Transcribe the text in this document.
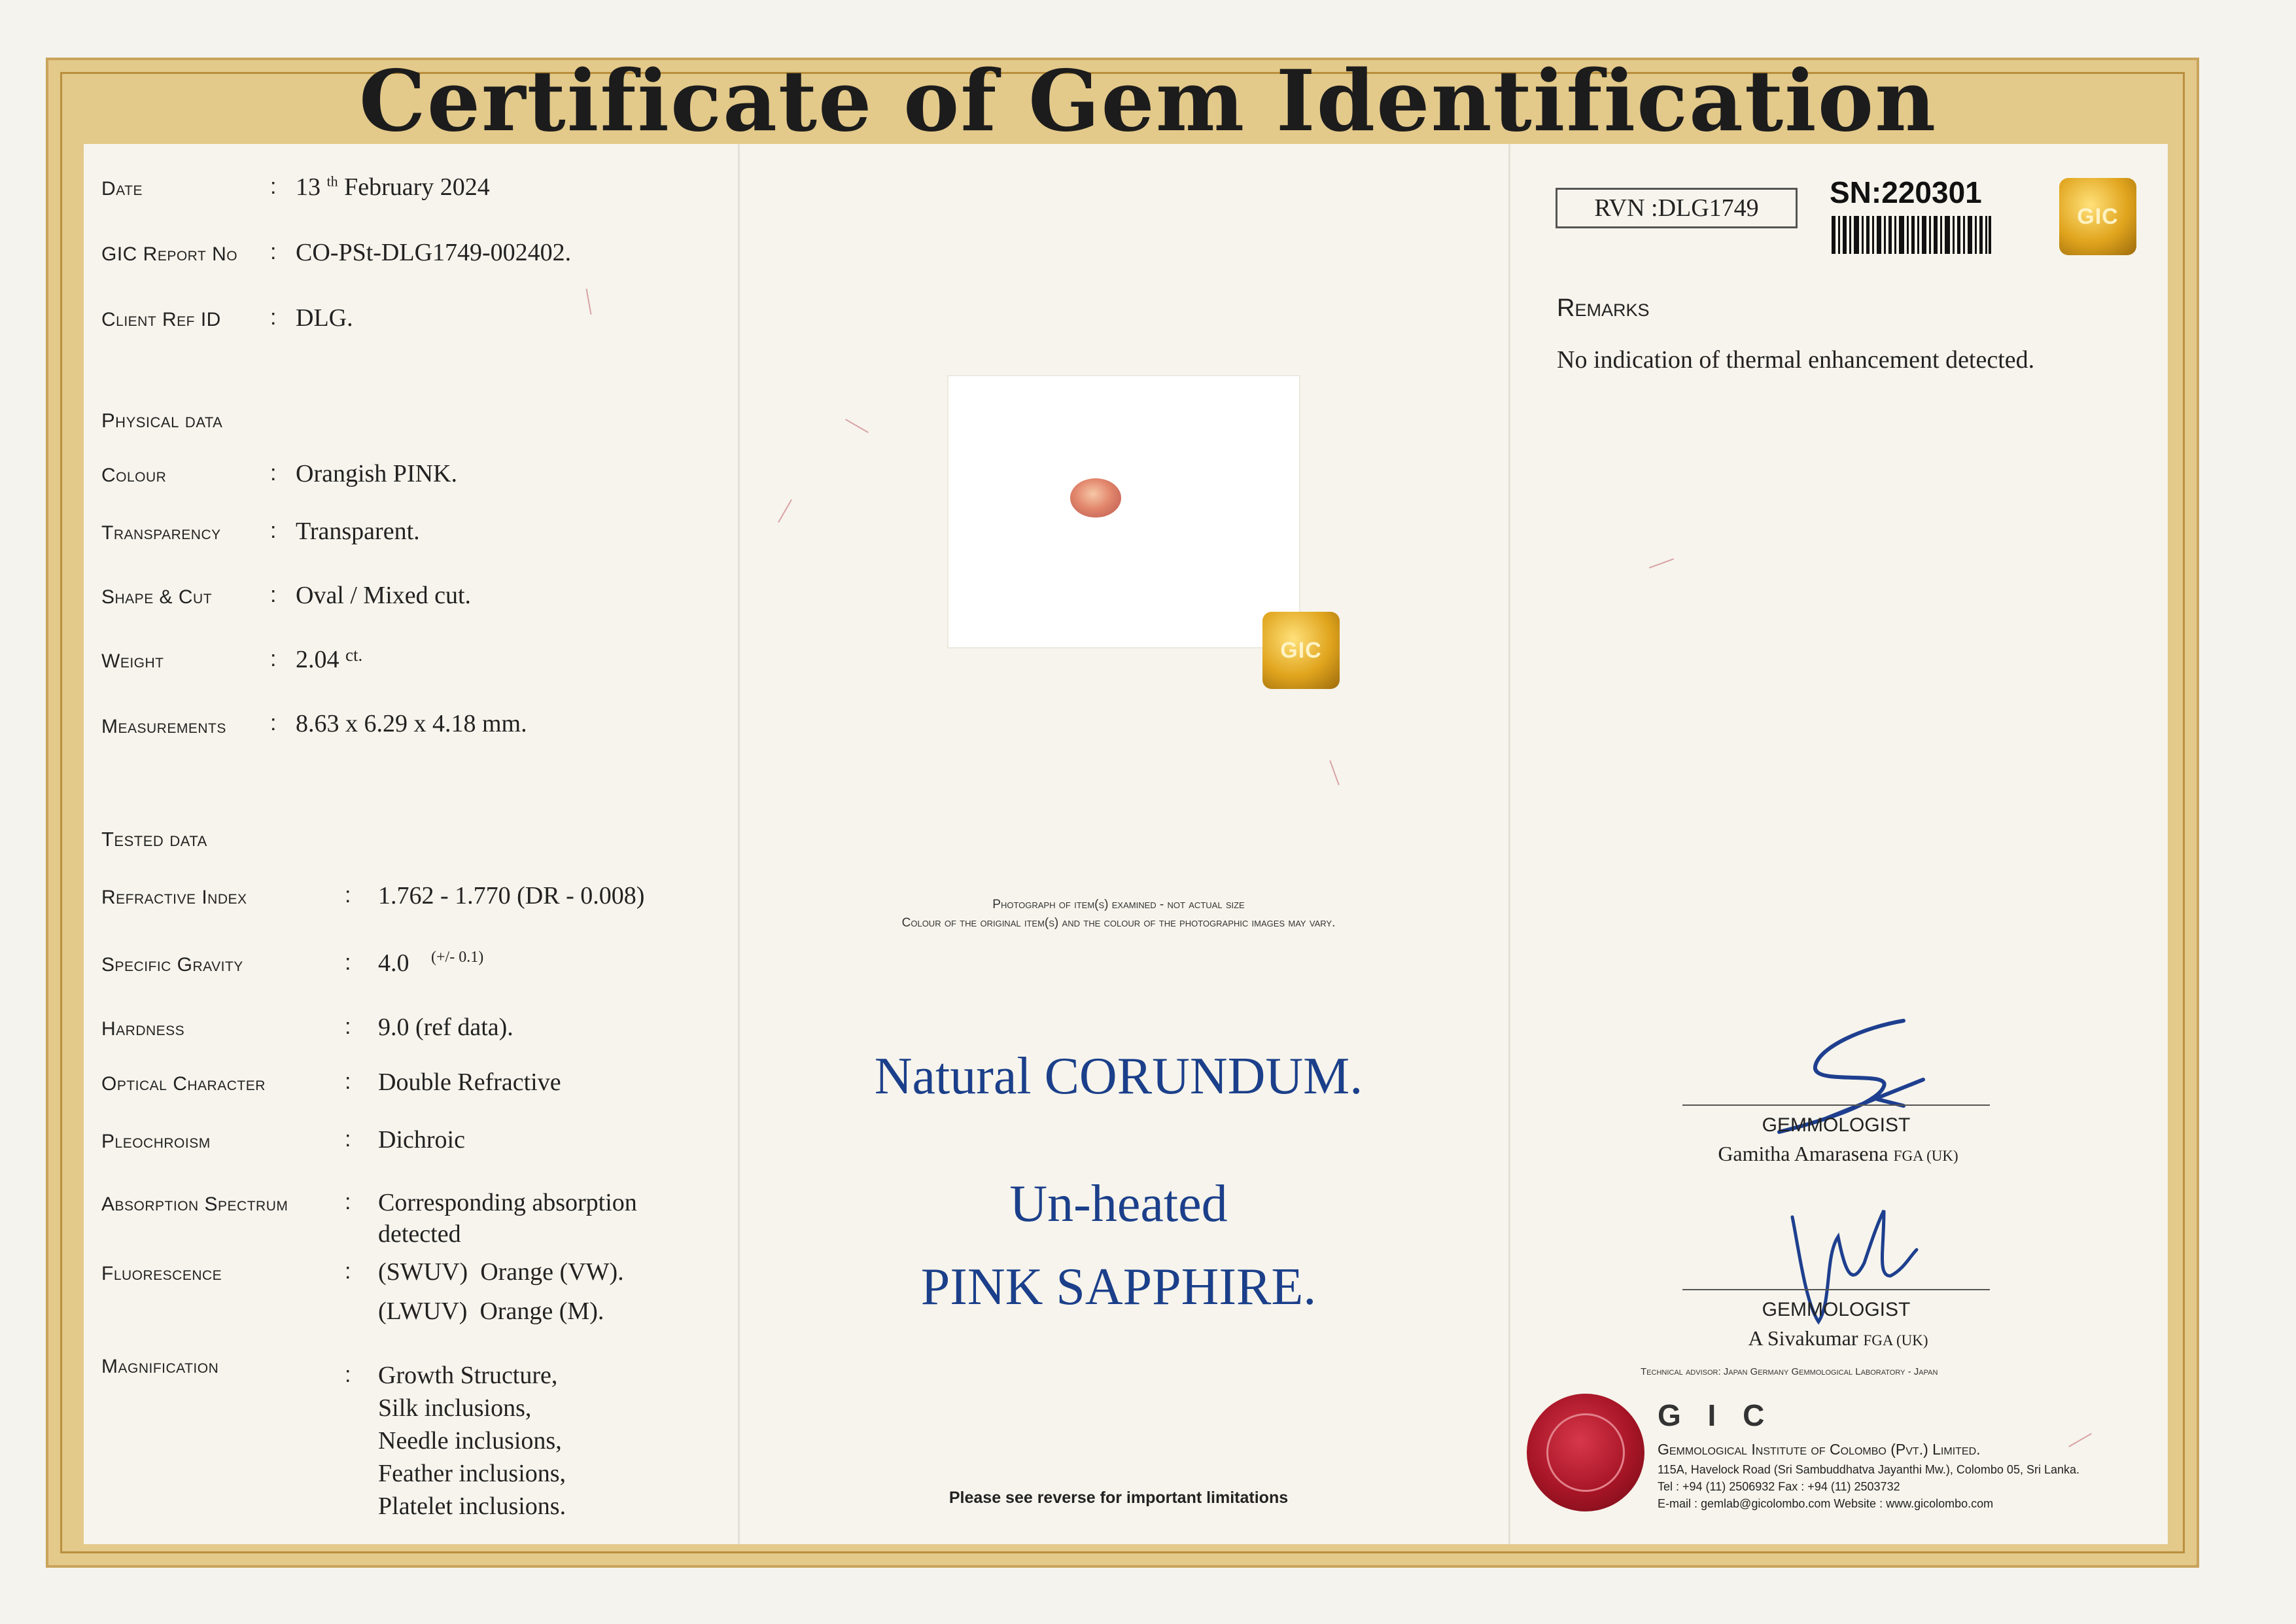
Certificate of Gem Identification
Date	: 13 $^{th}$ February 2024
GIC Report No : CO-PSt-DLG1749-002402.
Client Ref ID : DLG.
Physical data
Colour	: Orangish PINK.
Transparency : Transparent.
Shape & Cut	: Oval / Mixed cut.
Weight	: 2.04 $^{ct.}$
Measurements : 8.63 x 6.29 x 4.18 mm.
Tested data
Refractive Index	: 1.762 - 1.770 (DR - 0.008)
Specific Gravity	: 4.0 $^{(+/- 0.1)}$
Hardness	: 9.0 (ref data).
Optical Character	: Double Refractive
Pleochroism	: Dichroic
Absorption Spectrum	: Corresponding absorption
detected
Fluorescence	: (SWUV) Orange (VW).
(LWUV) Orange (M).
Magnification	: Growth Structure,
Silk inclusions,
Needle inclusions,
Feather inclusions,
Platelet inclusions.
GIC
Photograph of item(s) examined - not actual size
Colour of the original item(s) and the colour of the photographic images may vary.
Natural CORUNDUM.
Un-heated
PINK SAPPHIRE.
Please see reverse for important limitations
RVN :DLG1749	SN:220301
GIC
Remarks
No indication of thermal enhancement detected.
GEMMOLOGIST
Gamitha Amarasena FGA (UK)
GEMMOLOGIST
A Sivakumar FGA (UK)
Technical advisor: Japan Germany Gemmological Laboratory - Japan
G I C
Gemmological Institute of Colombo (Pvt.) Limited.
115A, Havelock Road (Sri Sambuddhatva Jayanthi Mw.), Colombo 05, Sri Lanka.
Tel : +94 (11) 2506932 Fax : +94 (11) 2503732
E-mail : gemlab@gicolombo.com Website : www.gicolombo.com
